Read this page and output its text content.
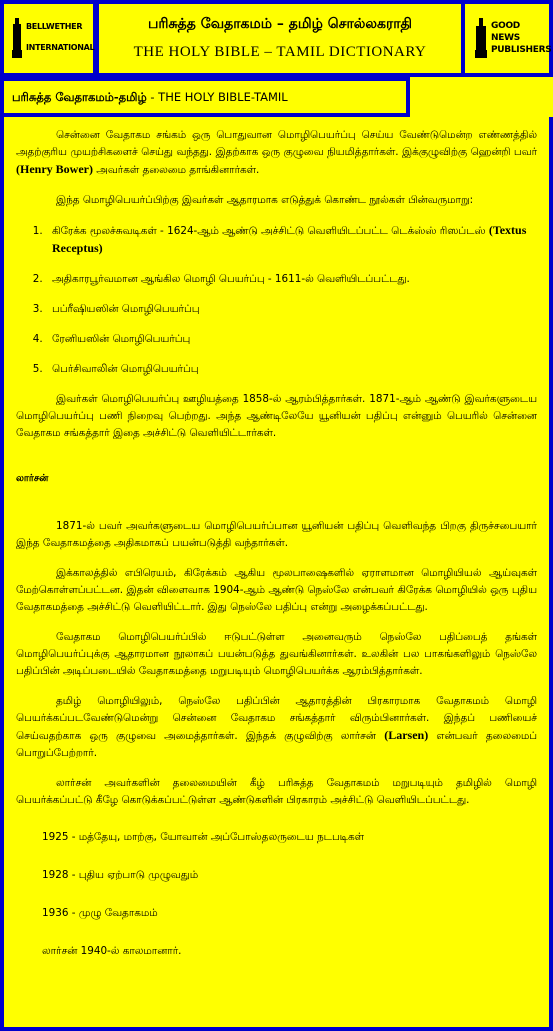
BELLWETHER
INTERNATIONAL
பரிசுத்த வேதாகமம் – தமிழ் சொல்லகராதி
THE HOLY BIBLE – TAMIL DICTIONARY
GOOD NEWS
PUBLISHERS
பரிசுத்த வேதாகமம்-தமிழ் - THE HOLY BIBLE-TAMIL

சென்னை வேதாகம சங்கம் ஒரு பொதுவான மொழிபெயர்ப்பு செய்ய வேண்டுமென்ற எண்ணத்தில் அதற்குரிய முயற்சிகளைச் செய்து வந்தது. இதற்காக ஒரு குழுவை நியமித்தார்கள். இக்குழுவிற்கு ஹென்றி பவர் (Henry Bower) அவர்கள் தலைமை தாங்கினார்கள்.

இந்த மொழிபெயர்ப்பிற்கு இவர்கள் ஆதாரமாக எடுத்துக் கொண்ட நூல்கள் பின்வருமாறு:

1. கிரேக்க மூலச்சுவடிகள் - 1624-ஆம் ஆண்டு அச்சிட்டு வெளியிடப்பட்ட டெக்ஸ்ஸ் ரிஸப்டஸ் (Textus Receptus)
2. அதிகாரபூர்வமான ஆங்கில மொழி பெயர்ப்பு - 1611-ல் வெளியிடப்பட்டது.
3. பப்ரீஷியஸின் மொழிபெயர்ப்பு
4. ரேனியஸின் மொழிபெயர்ப்பு
5. பெர்சிவாலின் மொழிபெயர்ப்பு

இவர்கள் மொழிபெயர்ப்பு ஊழியத்தை 1858-ல் ஆரம்பித்தார்கள். 1871-ஆம் ஆண்டு இவர்களுடைய மொழிபெயர்ப்பு பணி நிறைவு பெற்றது. அந்த ஆண்டிலேயே யூனியன் பதிப்பு என்னும் பெயரில் சென்னை வேதாகம சங்கத்தார் இதை அச்சிட்டு வெளியிட்டார்கள்.

லார்சன்

1871-ல் பவர் அவர்களுடைய மொழிபெயர்ப்பான யூனியன் பதிப்பு வெளிவந்த பிறகு திருச்சபையார் இந்த வேதாகமத்தை அதிகமாகப் பயன்படுத்தி வந்தார்கள்.

இக்காலத்தில் எபிரெயம், கிரேக்கம் ஆகிய மூலபாஷைகளில் ஏராளமான மொழியியல் ஆய்வுகள் மேற்கொள்ளப்பட்டன. இதன் விளைவாக 1904-ஆம் ஆண்டு நெஸ்லே என்பவர் கிரேக்க மொழியில் ஒரு புதிய வேதாகமத்தை அச்சிட்டு வெளியிட்டார். இது நெஸ்லே பதிப்பு என்று அழைக்கப்பட்டது.

வேதாகம மொழிபெயர்ப்பில் ஈடுபட்டுள்ள அனைவரும் நெஸ்லே பதிப்பைத் தங்கள் மொழிபெயர்ப்புக்கு ஆதாரமான நூலாகப் பயன்படுத்த துவங்கினார்கள். உலகின் பல பாகங்களிலும் நெஸ்லே பதிப்பின் அடிப்படையில் வேதாகமத்தை மறுபடியும் மொழிபெயர்க்க ஆரம்பித்தார்கள்.

தமிழ் மொழியிலும், நெஸ்லே பதிப்பின் ஆதாரத்தின் பிரகாரமாக வேதாகமம் மொழி பெயர்க்கப்படவேண்டுமென்று சென்னை வேதாகம சங்கத்தார் விரும்பினார்கள். இந்தப் பணியைச் செய்வதற்காக ஒரு குழுவை அமைத்தார்கள். இந்தக் குழுவிற்கு லார்சன் (Larsen) என்பவர் தலைமைப் பொறுப்பேற்றார்.

லார்சன் அவர்களின் தலைமையின் கீழ் பரிசுத்த வேதாகமம் மறுபடியும் தமிழில் மொழி பெயர்க்கப்பட்டு கீழே கொடுக்கப்பட்டுள்ள ஆண்டுகளின் பிரகாரம் அச்சிட்டு வெளியிடப்பட்டது.

1925 - மத்தேயு, மாற்கு, யோவான் அப்போஸ்தலருடைய நடபடிகள்

1928 - புதிய ஏற்பாடு முழுவதும்

1936 - முழு வேதாகமம்

லார்சன் 1940-ல் காலமானார்.
